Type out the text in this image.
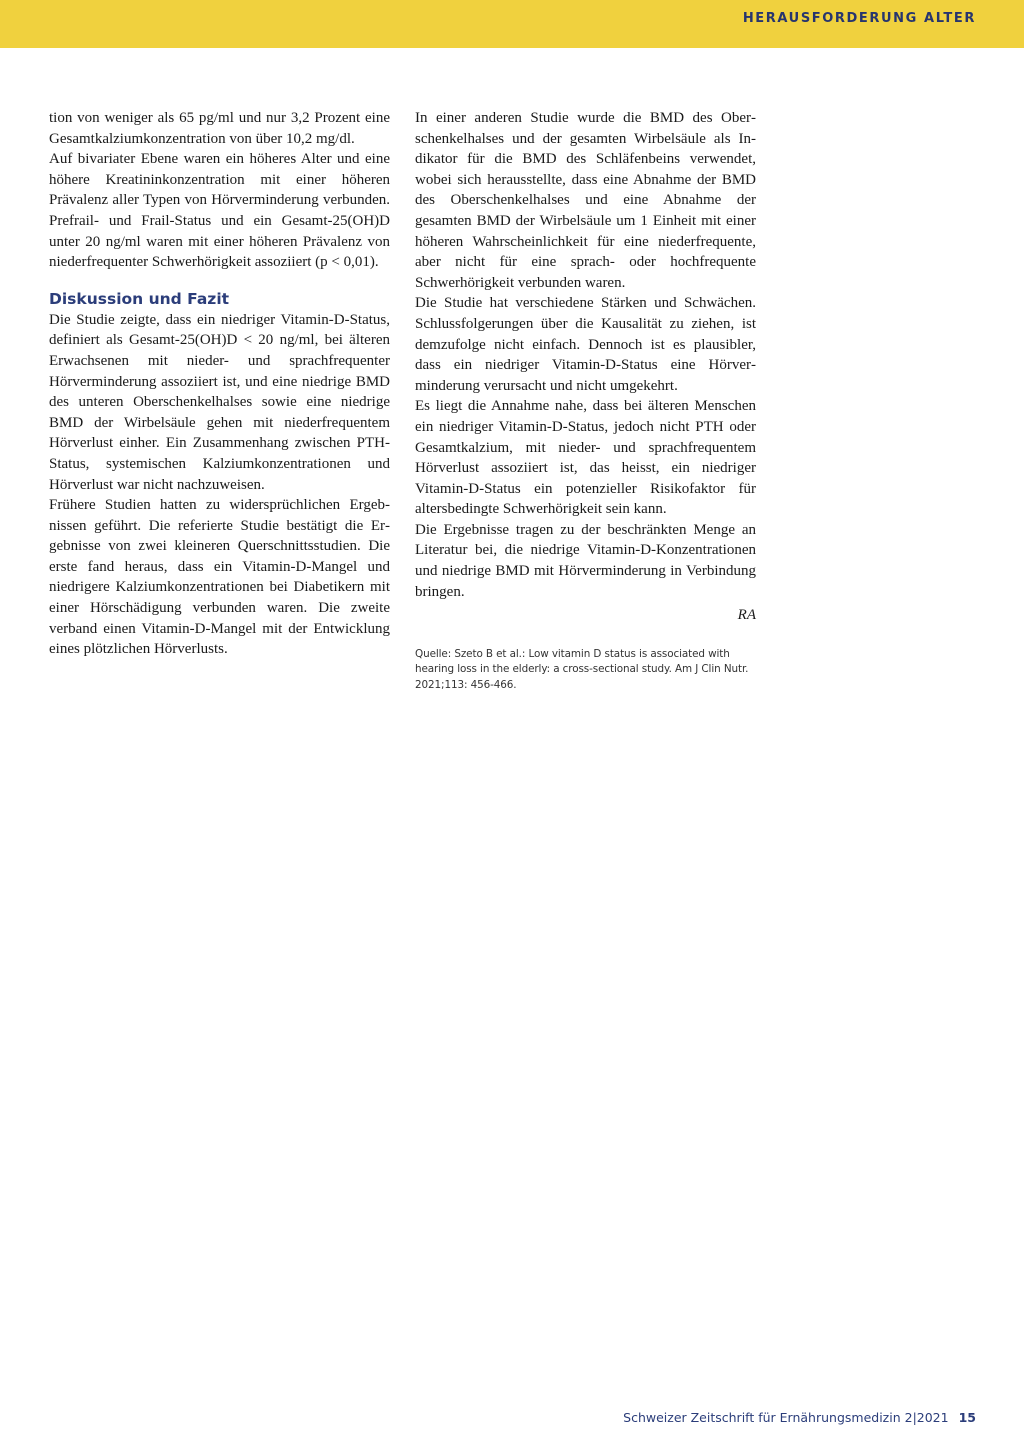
HERAUSFORDERUNG ALTER

tion von weniger als 65 pg/ml und nur 3,2 Prozent eine Gesamtkalziumkonzentration von über 10,2 mg/dl.

Auf bivariater Ebene waren ein höheres Alter und eine höhere Kreatininkonzentration mit einer höheren Prävalenz aller Typen von Hörverminderung verbunden. Prefrail- und Frail-Status und ein Gesamt-25(OH)D unter 20 ng/ml waren mit einer höheren Prävalenz von niederfrequenter Schwerhörigkeit assoziiert (p < 0,01).

Diskussion und Fazit

Die Studie zeigte, dass ein niedriger Vitamin-D-Status, definiert als Gesamt-25(OH)D < 20 ng/ml, bei älteren Erwachsenen mit nieder- und sprachfrequenter Hörverminderung assoziiert ist, und eine niedrige BMD des unteren Oberschenkelhalses sowie eine niedrige BMD der Wirbelsäule gehen mit niederfrequentem Hörverlust einher. Ein Zusammenhang zwischen PTH-Status, systemischen Kalziumkonzentrationen und Hörverlust war nicht nachzuweisen.

Frühere Studien hatten zu widersprüchlichen Ergebnissen geführt. Die referierte Studie bestätigt die Ergebnisse von zwei kleineren Querschnittsstudien. Die erste fand heraus, dass ein Vitamin-D-Mangel und niedrigere Kalziumkonzentrationen bei Diabetikern mit einer Hörschädigung verbunden waren. Die zweite verband einen Vitamin-D-Mangel mit der Entwicklung eines plötzlichen Hörverlusts.

In einer anderen Studie wurde die BMD des Oberschenkelhalses und der gesamten Wirbelsäule als Indikator für die BMD des Schläfenbeins verwendet, wobei sich herausstellte, dass eine Abnahme der BMD des Oberschenkelhalses und eine Abnahme der gesamten BMD der Wirbelsäule um 1 Einheit mit einer höheren Wahrscheinlichkeit für eine niederfrequente, aber nicht für eine sprach- oder hochfrequente Schwerhörigkeit verbunden waren.

Die Studie hat verschiedene Stärken und Schwächen. Schlussfolgerungen über die Kausalität zu ziehen, ist demzufolge nicht einfach. Dennoch ist es plausibler, dass ein niedriger Vitamin-D-Status eine Hörverminderung verursacht und nicht umgekehrt.

Es liegt die Annahme nahe, dass bei älteren Menschen ein niedriger Vitamin-D-Status, jedoch nicht PTH oder Gesamtkalzium, mit nieder- und sprachfrequentem Hörverlust assoziiert ist, das heisst, ein niedriger Vitamin-D-Status ein potenzieller Risikofaktor für altersbedingte Schwerhörigkeit sein kann.

Die Ergebnisse tragen zu der beschränkten Menge an Literatur bei, die niedrige Vitamin-D-Konzentrationen und niedrige BMD mit Hörverminderung in Verbindung bringen.

RA

Quelle: Szeto B et al.: Low vitamin D status is associated with hearing loss in the elderly: a cross-sectional study. Am J Clin Nutr. 2021;113: 456-466.

Schweizer Zeitschrift für Ernährungsmedizin 2|2021 15
